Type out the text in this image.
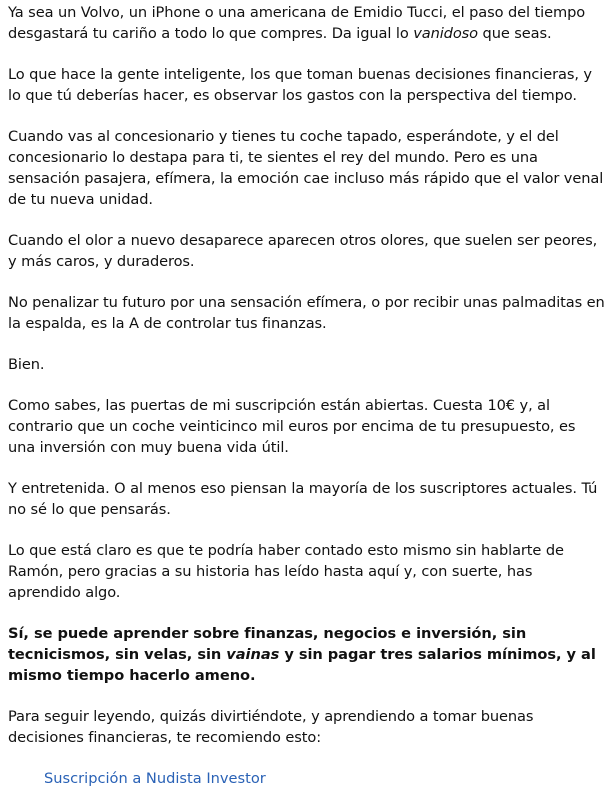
Ya sea un Volvo, un iPhone o una americana de Emidio Tucci, el paso del tiempo desgastará tu cariño a todo lo que compres. Da igual lo vanidoso que seas.

Lo que hace la gente inteligente, los que toman buenas decisiones financieras, y lo que tú deberías hacer, es observar los gastos con la perspectiva del tiempo.

Cuando vas al concesionario y tienes tu coche tapado, esperándote, y el del concesionario lo destapa para ti, te sientes el rey del mundo. Pero es una sensación pasajera, efímera, la emoción cae incluso más rápido que el valor venal de tu nueva unidad.

Cuando el olor a nuevo desaparece aparecen otros olores, que suelen ser peores, y más caros, y duraderos.

No penalizar tu futuro por una sensación efímera, o por recibir unas palmaditas en la espalda, es la A de controlar tus finanzas.

Bien.

Como sabes, las puertas de mi suscripción están abiertas. Cuesta 10€ y, al contrario que un coche veinticinco mil euros por encima de tu presupuesto, es una inversión con muy buena vida útil.

Y entretenida. O al menos eso piensan la mayoría de los suscriptores actuales. Tú no sé lo que pensarás.

Lo que está claro es que te podría haber contado esto mismo sin hablarte de Ramón, pero gracias a su historia has leído hasta aquí y, con suerte, has aprendido algo.

Sí, se puede aprender sobre finanzas, negocios e inversión, sin tecnicismos, sin velas, sin vainas y sin pagar tres salarios mínimos, y al mismo tiempo hacerlo ameno.

Para seguir leyendo, quizás divirtiéndote, y aprendiendo a tomar buenas decisiones financieras, te recomiendo esto:

Suscripción a Nudista Investor
